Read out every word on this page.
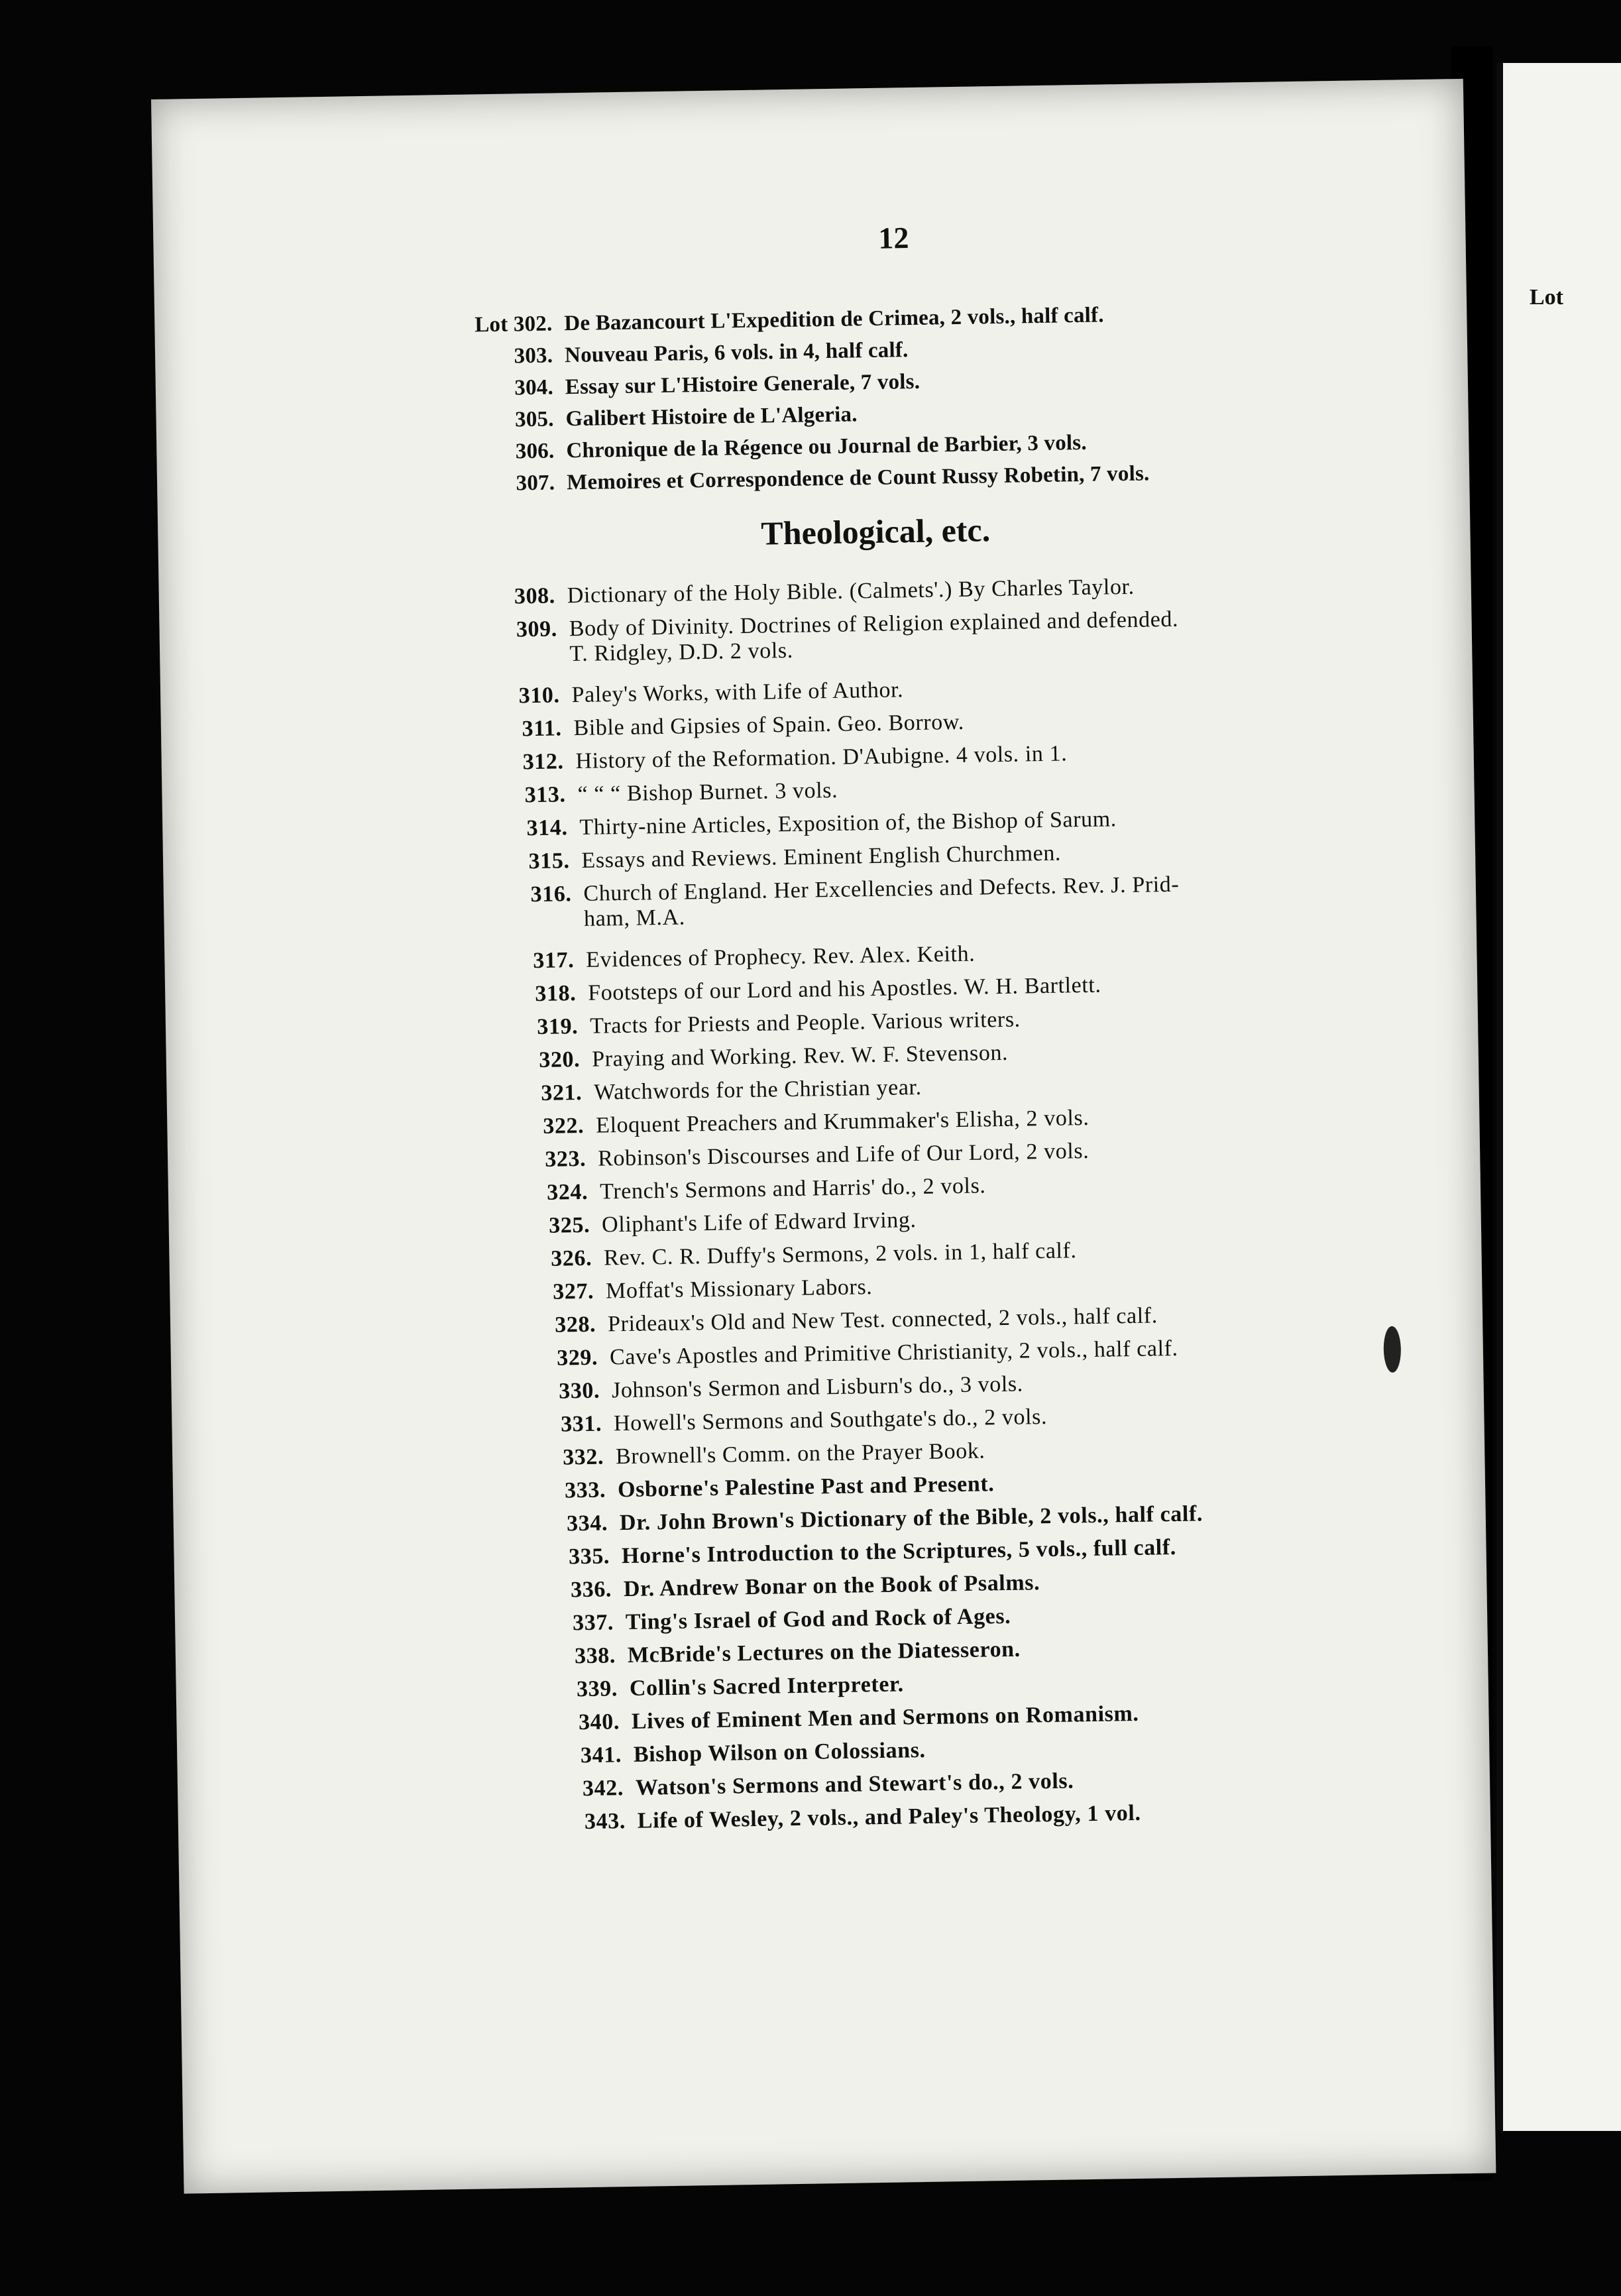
Lot
12
Theological, etc.
Lot 302. De Bazancourt L'Expedition de Crimea, 2 vols., half calf.
303. Nouveau Paris, 6 vols. in 4, half calf.
304. Essay sur L'Histoire Generale, 7 vols.
305. Galibert Histoire de L'Algeria.
306. Chronique de la Régence ou Journal de Barbier, 3 vols.
307. Memoires et Correspondence de Count Russy Robetin, 7 vols.
308. Dictionary of the Holy Bible. (Calmets'.) By Charles Taylor.
309. Body of Divinity. Doctrines of Religion explained and defended.
T. Ridgley, D.D. 2 vols.
310. Paley's Works, with Life of Author.
311. Bible and Gipsies of Spain. Geo. Borrow.
312. History of the Reformation. D'Aubigne. 4 vols. in 1.
313. “ “ “ Bishop Burnet. 3 vols.
314. Thirty-nine Articles, Exposition of, the Bishop of Sarum.
315. Essays and Reviews. Eminent English Churchmen.
316. Church of England. Her Excellencies and Defects. Rev. J. Prid-
ham, M.A.
317. Evidences of Prophecy. Rev. Alex. Keith.
318. Footsteps of our Lord and his Apostles. W. H. Bartlett.
319. Tracts for Priests and People. Various writers.
320. Praying and Working. Rev. W. F. Stevenson.
321. Watchwords for the Christian year.
322. Eloquent Preachers and Krummaker's Elisha, 2 vols.
323. Robinson's Discourses and Life of Our Lord, 2 vols.
324. Trench's Sermons and Harris' do., 2 vols.
325. Oliphant's Life of Edward Irving.
326. Rev. C. R. Duffy's Sermons, 2 vols. in 1, half calf.
327. Moffat's Missionary Labors.
328. Prideaux's Old and New Test. connected, 2 vols., half calf.
329. Cave's Apostles and Primitive Christianity, 2 vols., half calf.
330. Johnson's Sermon and Lisburn's do., 3 vols.
331. Howell's Sermons and Southgate's do., 2 vols.
332. Brownell's Comm. on the Prayer Book.
333. Osborne's Palestine Past and Present.
334. Dr. John Brown's Dictionary of the Bible, 2 vols., half calf.
335. Horne's Introduction to the Scriptures, 5 vols., full calf.
336. Dr. Andrew Bonar on the Book of Psalms.
337. Ting's Israel of God and Rock of Ages.
338. McBride's Lectures on the Diatesseron.
339. Collin's Sacred Interpreter.
340. Lives of Eminent Men and Sermons on Romanism.
341. Bishop Wilson on Colossians.
342. Watson's Sermons and Stewart's do., 2 vols.
343. Life of Wesley, 2 vols., and Paley's Theology, 1 vol.
